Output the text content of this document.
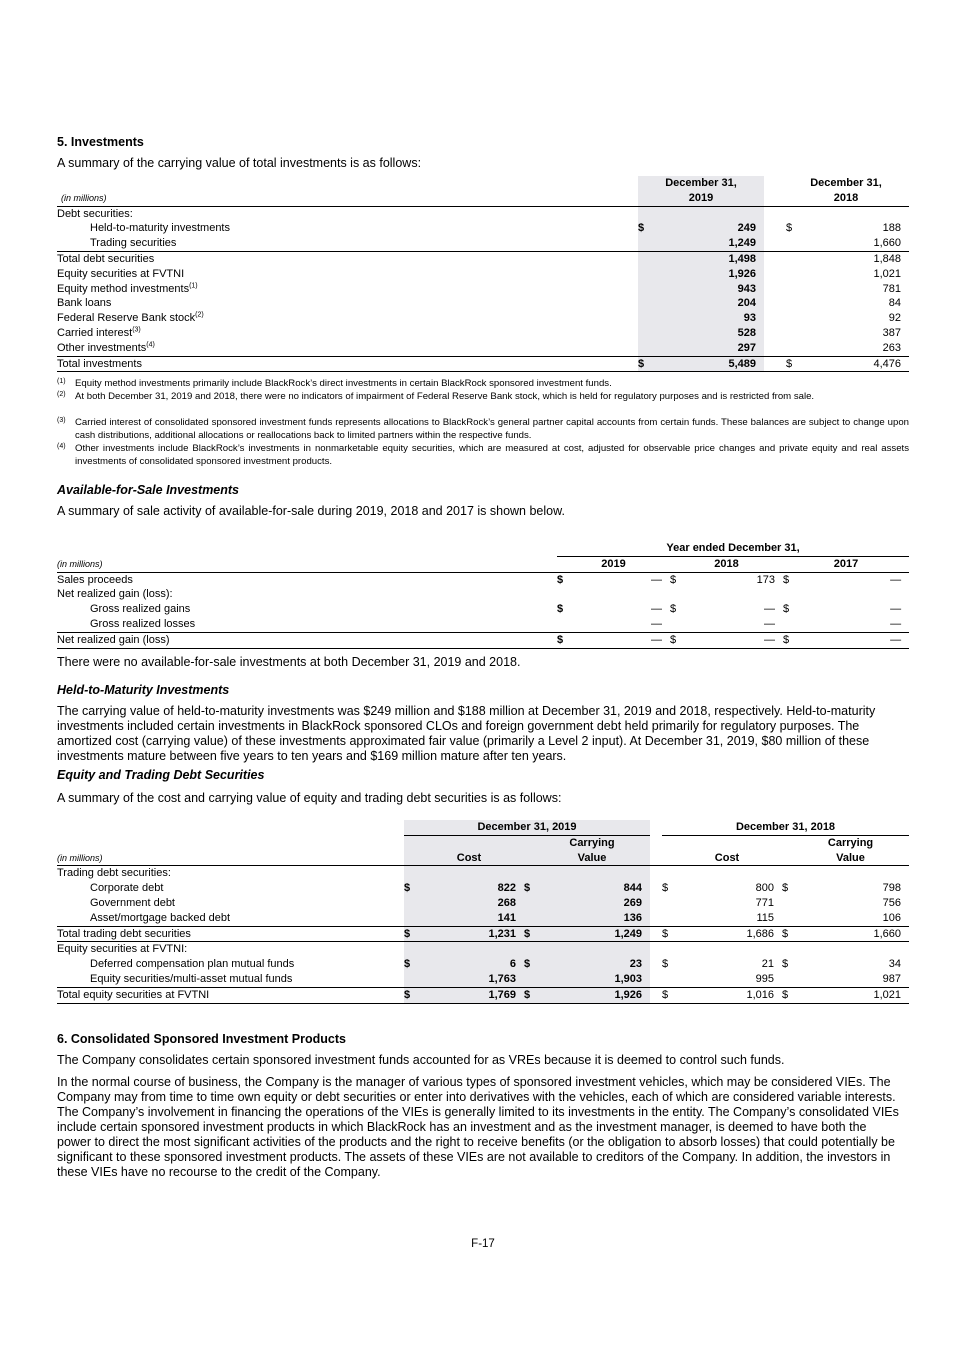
5. Investments
A summary of the carrying value of total investments is as follows:
	December 31,		December 31,
(in millions)	2019		2018
Debt securities:			
Held-to-maturity investments	$ 249		$ 188

Trading securities	1,249		1,660

Total debt securities	1,498		1,848

Equity securities at FVTNI	1,926		1,021

Equity method investments$^{(1)}$	943		781

Bank loans	204		84

Federal Reserve Bank stock$^{(2)}$	93		92

Carried interest$^{(3)}$	528		387

Other investments$^{(4)}$	297		263

Total investments	$ 5,489		$ 4,476
(1) Equity method investments primarily include BlackRock’s direct investments in certain BlackRock sponsored investment funds.
(2) At both December 31, 2019 and 2018, there were no indicators of impairment of Federal Reserve Bank stock, which is held for regulatory purposes and is restricted from sale.
(3) Carried interest of consolidated sponsored investment funds represents allocations to BlackRock’s general partner capital accounts from certain funds. These balances are subject to change upon cash distributions, additional allocations or reallocations back to limited partners within the respective funds.
(4) Other investments include BlackRock’s investments in nonmarketable equity securities, which are measured at cost, adjusted for observable price changes and private equity and real assets investments of consolidated sponsored investment products.
Available-for-Sale Investments
A summary of sale activity of available-for-sale during 2019, 2018 and 2017 is shown below.
	Year ended December 31,					
(in millions)	2019		2018		2017	
Sales proceeds	$	—	$	173	$	—
Net realized gain (loss):						
Gross realized gains	$	—	$	—	$	—
Gross realized losses		—		—		—
Net realized gain (loss)	$	—	$	—	$	—
There were no available-for-sale investments at both December 31, 2019 and 2018.
Held-to-Maturity Investments
The carrying value of held-to-maturity investments was $249 million and $188 million at December 31, 2019 and 2018, respectively. Held-to-maturity investments included certain investments in BlackRock sponsored CLOs and foreign government debt held primarily for regulatory purposes. The amortized cost (carrying value) of these investments approximated fair value (primarily a Level 2 input). At December 31, 2019, $80 million of these investments mature between five years to ten years and $169 million mature after ten years.
Equity and Trading Debt Securities
A summary of the cost and carrying value of equity and trading debt securities is as follows:
	December 31, 2019					December 31, 2018			
				Carrying					Carrying
(in millions)		Cost		Value			Cost		Value
Trading debt securities:									
Corporate debt	$	822	$	844		$	800	$	798
Government debt		268		269			771		756
Asset/mortgage backed debt		141		136			115		106
Total trading debt securities	$	1,231	$	1,249		$	1,686	$	1,660
Equity securities at FVTNI:									
Deferred compensation plan mutual funds	$	6	$	23		$	21	$	34
Equity securities/multi-asset mutual funds		1,763		1,903			995		987
Total equity securities at FVTNI	$	1,769	$	1,926		$	1,016	$	1,021
6. Consolidated Sponsored Investment Products
The Company consolidates certain sponsored investment funds accounted for as VREs because it is deemed to control such funds.
In the normal course of business, the Company is the manager of various types of sponsored investment vehicles, which may be considered VIEs. The Company may from time to time own equity or debt securities or enter into derivatives with the vehicles, each of which are considered variable interests. The Company’s involvement in financing the operations of the VIEs is generally limited to its investments in the entity. The Company’s consolidated VIEs include certain sponsored investment products in which BlackRock has an investment and as the investment manager, is deemed to have both the power to direct the most significant activities of the products and the right to receive benefits (or the obligation to absorb losses) that could potentially be significant to these sponsored investment products. The assets of these VIEs are not available to creditors of the Company. In addition, the investors in these VIEs have no recourse to the credit of the Company.
F-17
